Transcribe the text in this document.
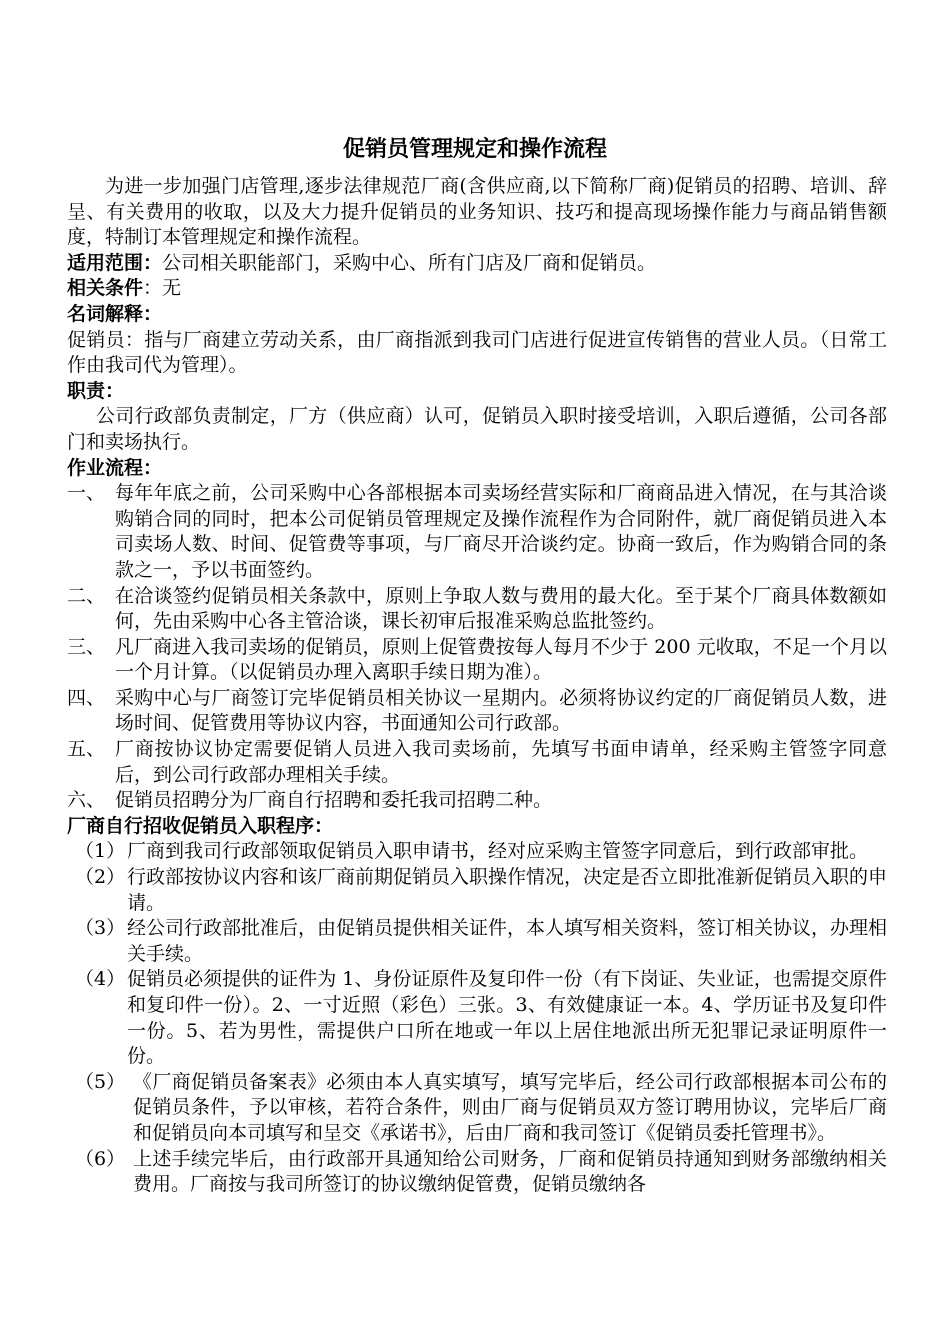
促销员管理规定和操作流程

为进一步加强门店管理,逐步法律规范厂商(含供应商,以下简称厂商)促销员的招聘、培训、辞呈、有关费用的收取，以及大力提升促销员的业务知识、技巧和提高现场操作能力与商品销售额度，特制订本管理规定和操作流程。

适用范围：公司相关职能部门，采购中心、所有门店及厂商和促销员。

相关条件：无

名词解释：

促销员：指与厂商建立劳动关系，由厂商指派到我司门店进行促进宣传销售的营业人员。（日常工作由我司代为管理）。

职责：

公司行政部负责制定，厂方（供应商）认可，促销员入职时接受培训，入职后遵循，公司各部门和卖场执行。

作业流程：

一、 每年年底之前，公司采购中心各部根据本司卖场经营实际和厂商商品进入情况，在与其洽谈购销合同的同时，把本公司促销员管理规定及操作流程作为合同附件，就厂商促销员进入本司卖场人数、时间、促管费等事项，与厂商尽开洽谈约定。协商一致后，作为购销合同的条款之一，予以书面签约。
二、 在洽谈签约促销员相关条款中，原则上争取人数与费用的最大化。至于某个厂商具体数额如何，先由采购中心各主管洽谈，课长初审后报准采购总监批签约。
三、 凡厂商进入我司卖场的促销员，原则上促管费按每人每月不少于 200 元收取，不足一个月以一个月计算。（以促销员办理入离职手续日期为准）。
四、 采购中心与厂商签订完毕促销员相关协议一星期内。必须将协议约定的厂商促销员人数，进场时间、促管费用等协议内容，书面通知公司行政部。
五、 厂商按协议协定需要促销人员进入我司卖场前，先填写书面申请单，经采购主管签字同意后，到公司行政部办理相关手续。
六、 促销员招聘分为厂商自行招聘和委托我司招聘二种。

厂商自行招收促销员入职程序：

（1） 厂商到我司行政部领取促销员入职申请书，经对应采购主管签字同意后，到行政部审批。
（2） 行政部按协议内容和该厂商前期促销员入职操作情况，决定是否立即批准新促销员入职的申请。
（3） 经公司行政部批准后，由促销员提供相关证件，本人填写相关资料，签订相关协议，办理相关手续。
（4） 促销员必须提供的证件为 1、身份证原件及复印件一份（有下岗证、失业证，也需提交原件和复印件一份）。2、一寸近照（彩色）三张。3、有效健康证一本。4、学历证书及复印件一份。5、若为男性，需提供户口所在地或一年以上居住地派出所无犯罪记录证明原件一份。
（5） 《厂商促销员备案表》必须由本人真实填写，填写完毕后，经公司行政部根据本司公布的促销员条件，予以审核，若符合条件，则由厂商与促销员双方签订聘用协议，完毕后厂商和促销员向本司填写和呈交《承诺书》，后由厂商和我司签订《促销员委托管理书》。
（6） 上述手续完毕后，由行政部开具通知给公司财务，厂商和促销员持通知到财务部缴纳相关费用。厂商按与我司所签订的协议缴纳促管费，促销员缴纳各
